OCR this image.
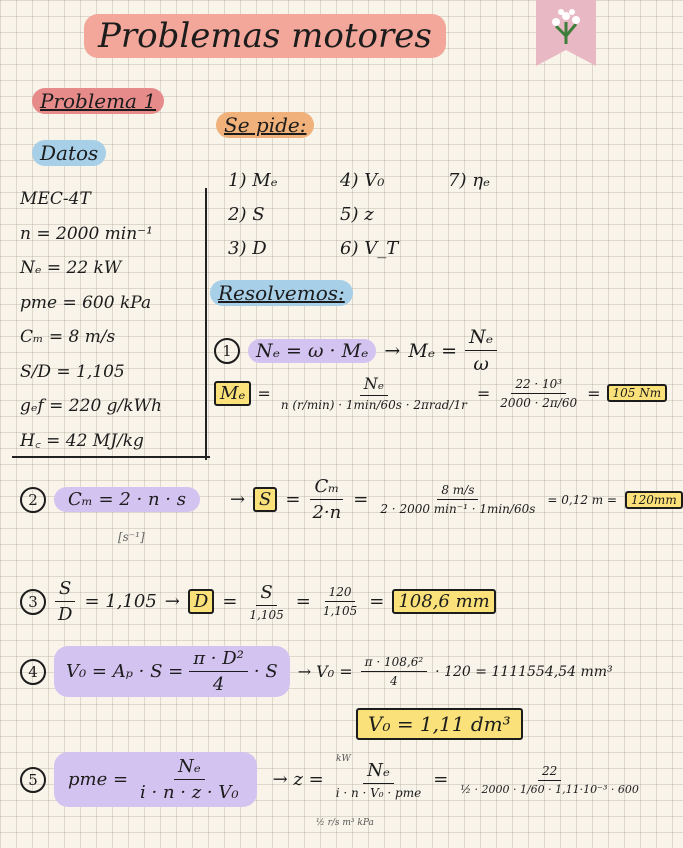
Problemas motores
Problema 1
Datos
MEC-4T
n = 2000 min⁻¹
Nₑ = 22 kW
pme = 600 kPa
Cₘ = 8 m/s
S/D = 1,105
gₑf = 220 g/kWh
H꜀ = 42 MJ/kg
Se pide:
1) Mₑ
2) S
3) D
4) V₀
5) z
6) V_T
7) ηₑ
Resolvemos:
1	$N_e = \omega \cdot M_e \to M_e = \frac{\text{Nₑ}}{\omega}$
$M_e = \frac{\text{Nₑ}}{\text{n (r/min) · 1min/60s · 2πrad/1r}} = \frac{\text{22 · 10³}}{2000 \cdot 2\pi/60}$ =	105 Nm
2	Cₘ = 2 · n · s	→ $S = \frac{\text{Cₘ}}{2\cdot n} = \frac{8 m/s}{\text{2 · 2000 min⁻¹ · 1min/60s}} = 0,12$ m =	120mm
[s⁻¹]
$3 \frac{S}{D} = 1,105 \to D = \frac{S}{1,105} = \frac{120}{1,105} = 108,6$ mm
4	$V_0 = A_p \cdot S = \frac{\text{π · D²}}{4} \cdot S \to V_0 = \frac{\text{π · 108,6²}}{4} \cdot 120 = 1111554,54$ mm³
V₀ = 1,11 dm³
5	pme = $\frac{\text{Nₑ}}{\text{i · n · z · V₀}} \to z = \frac{\text{Nₑ}}{\text{i · n · V₀ · pme}} = \frac{22}{\text{½ · 2000 · 1/60 · 1,11·10⁻³ · 600}}$
kW
½ r/s m³ kPa
